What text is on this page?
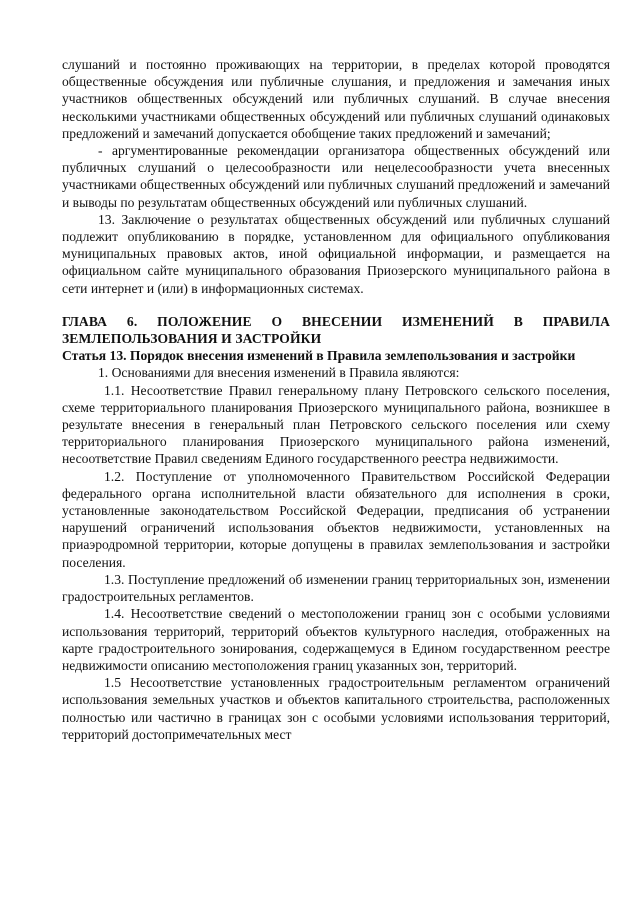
слушаний и постоянно проживающих на территории, в пределах которой проводятся общественные обсуждения или публичные слушания, и предложения и замечания иных участников общественных обсуждений или публичных слушаний. В случае внесения несколькими участниками общественных обсуждений или публичных слушаний одинаковых предложений и замечаний допускается обобщение таких предложений и замечаний;

- аргументированные рекомендации организатора общественных обсуждений или публичных слушаний о целесообразности или нецелесообразности учета внесенных участниками общественных обсуждений или публичных слушаний предложений и замечаний и выводы по результатам общественных обсуждений или публичных слушаний.

13. Заключение о результатах общественных обсуждений или публичных слушаний подлежит опубликованию в порядке, установленном для официального опубликования муниципальных правовых актов, иной официальной информации, и размещается на официальном сайте муниципального образования Приозерского муниципального района в сети интернет и (или) в информационных системах.

ГЛАВА 6. ПОЛОЖЕНИЕ О ВНЕСЕНИИ ИЗМЕНЕНИЙ В ПРАВИЛА ЗЕМЛЕПОЛЬЗОВАНИЯ И ЗАСТРОЙКИ

Статья 13. Порядок внесения изменений в Правила землепользования и застройки

1. Основаниями для внесения изменений в Правила являются:

1.1. Несоответствие Правил генеральному плану Петровского сельского поселения, схеме территориального планирования Приозерского муниципального района, возникшее в результате внесения в генеральный план Петровского сельского поселения или схему территориального планирования Приозерского муниципального района изменений, несоответствие Правил сведениям Единого государственного реестра недвижимости.

1.2. Поступление от уполномоченного Правительством Российской Федерации федерального органа исполнительной власти обязательного для исполнения в сроки, установленные законодательством Российской Федерации, предписания об устранении нарушений ограничений использования объектов недвижимости, установленных на приаэродромной территории, которые допущены в правилах землепользования и застройки поселения.

1.3. Поступление предложений об изменении границ территориальных зон, изменении градостроительных регламентов.

1.4. Несоответствие сведений о местоположении границ зон с особыми условиями использования территорий, территорий объектов культурного наследия, отображенных на карте градостроительного зонирования, содержащемуся в Едином государственном реестре недвижимости описанию местоположения границ указанных зон, территорий.

1.5 Несоответствие установленных градостроительным регламентом ограничений использования земельных участков и объектов капитального строительства, расположенных полностью или частично в границах зон с особыми условиями использования территорий, территорий достопримечательных мест
